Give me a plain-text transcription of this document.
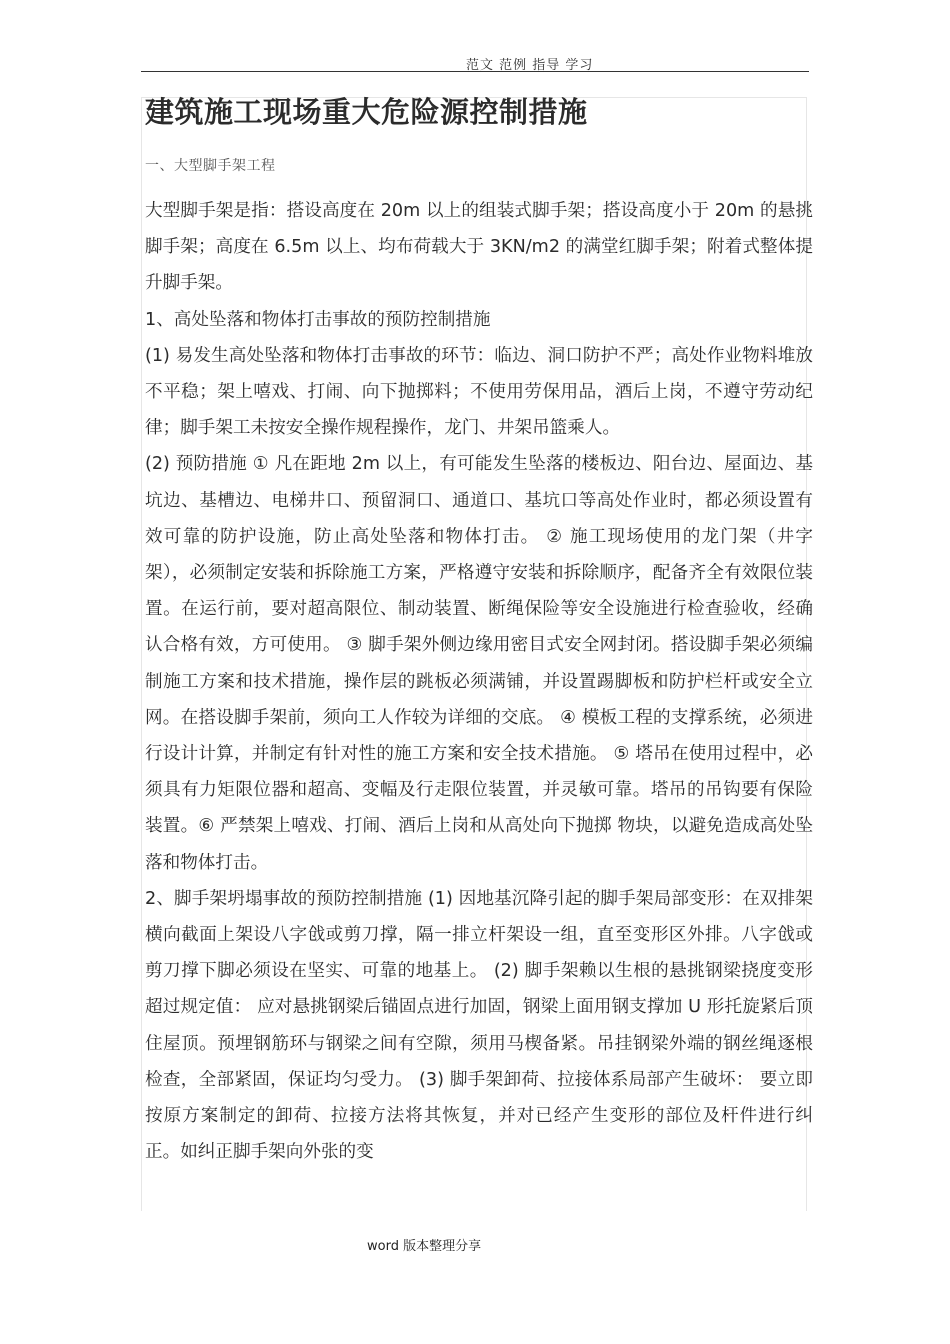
范文 范例 指导 学习
建筑施工现场重大危险源控制措施
一、大型脚手架工程

大型脚手架是指：搭设高度在 20m 以上的组装式脚手架；搭设高度小于 20m 的悬挑脚手架；高度在 6.5m 以上、均布荷载大于 3KN/m2 的满堂红脚手架；附着式整体提升脚手架。

1、高处坠落和物体打击事故的预防控制措施

(1) 易发生高处坠落和物体打击事故的环节：临边、洞口防护不严；高处作业物料堆放不平稳；架上嘻戏、打闹、向下抛掷料；不使用劳保用品，酒后上岗，不遵守劳动纪律；脚手架工未按安全操作规程操作，龙门、井架吊篮乘人。

(2) 预防措施 ① 凡在距地 2m 以上，有可能发生坠落的楼板边、阳台边、屋面边、基坑边、基槽边、电梯井口、预留洞口、通道口、基坑口等高处作业时，都必须设置有效可靠的防护设施，防止高处坠落和物体打击。 ② 施工现场使用的龙门架（井字架），必须制定安装和拆除施工方案，严格遵守安装和拆除顺序，配备齐全有效限位装置。在运行前，要对超高限位、制动装置、断绳保险等安全设施进行检查验收，经确认合格有效，方可使用。 ③ 脚手架外侧边缘用密目式安全网封闭。搭设脚手架必须编制施工方案和技术措施，操作层的跳板必须满铺，并设置踢脚板和防护栏杆或安全立网。在搭设脚手架前，须向工人作较为详细的交底。 ④ 模板工程的支撑系统，必须进行设计计算，并制定有针对性的施工方案和安全技术措施。 ⑤ 塔吊在使用过程中，必须具有力矩限位器和超高、变幅及行走限位装置，并灵敏可靠。塔吊的吊钩要有保险装置。⑥ 严禁架上嘻戏、打闹、酒后上岗和从高处向下抛掷 物块，以避免造成高处坠落和物体打击。

2、脚手架坍塌事故的预防控制措施 (1) 因地基沉降引起的脚手架局部变形：在双排架横向截面上架设八字戗或剪刀撑，隔一排立杆架设一组，直至变形区外排。八字戗或剪刀撑下脚必须设在坚实、可靠的地基上。 (2) 脚手架赖以生根的悬挑钢梁挠度变形超过规定值： 应对悬挑钢梁后锚固点进行加固，钢梁上面用钢支撑加 U 形托旋紧后顶住屋顶。预埋钢筋环与钢梁之间有空隙，须用马楔备紧。吊挂钢梁外端的钢丝绳逐根检查，全部紧固，保证均匀受力。 (3) 脚手架卸荷、拉接体系局部产生破坏： 要立即按原方案制定的卸荷、拉接方法将其恢复，并对已经产生变形的部位及杆件进行纠正。如纠正脚手架向外张的变

word 版本整理分享
